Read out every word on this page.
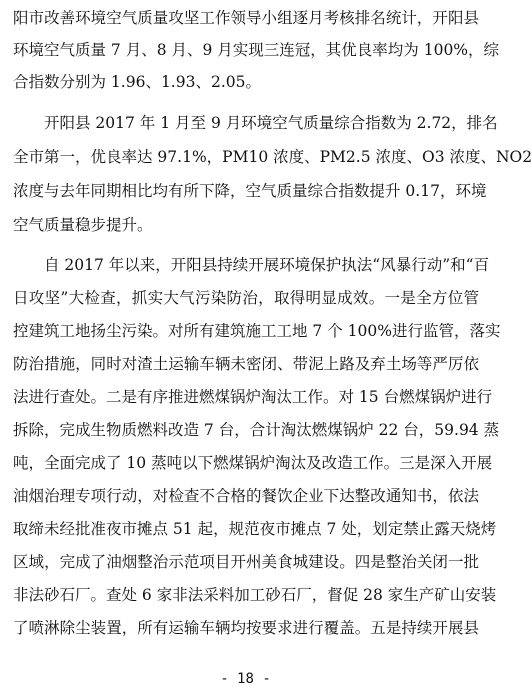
阳市改善环境空气质量攻坚工作领导小组逐月考核排名统计，开阳县
环境空气质量 7 月、8 月、9 月实现三连冠，其优良率均为 100%，综
合指数分别为 1.96、1.93、2.05。
开阳县 2017 年 1 月至 9 月环境空气质量综合指数为 2.72，排名
全市第一，优良率达 97.1%，PM10 浓度、PM2.5 浓度、O3 浓度、NO2
浓度与去年同期相比均有所下降，空气质量综合指数提升 0.17，环境
空气质量稳步提升。
自 2017 年以来，开阳县持续开展环境保护执法“风暴行动”和“百
日攻坚”大检查，抓实大气污染防治，取得明显成效。一是全方位管
控建筑工地扬尘污染。对所有建筑施工工地 7 个 100%进行监管，落实
防治措施，同时对渣土运输车辆未密闭、带泥上路及弃土场等严厉依
法进行查处。二是有序推进燃煤锅炉淘汰工作。对 15 台燃煤锅炉进行
拆除，完成生物质燃料改造 7 台，合计淘汰燃煤锅炉 22 台，59.94 蒸
吨，全面完成了 10 蒸吨以下燃煤锅炉淘汰及改造工作。三是深入开展
油烟治理专项行动，对检查不合格的餐饮企业下达整改通知书，依法
取缔未经批准夜市摊点 51 起，规范夜市摊点 7 处，划定禁止露天烧烤
区域，完成了油烟整治示范项目开州美食城建设。四是整治关闭一批
非法砂石厂。查处 6 家非法采料加工砂石厂，督促 28 家生产矿山安装
了喷淋除尘装置，所有运输车辆均按要求进行覆盖。五是持续开展县
- 18 -
